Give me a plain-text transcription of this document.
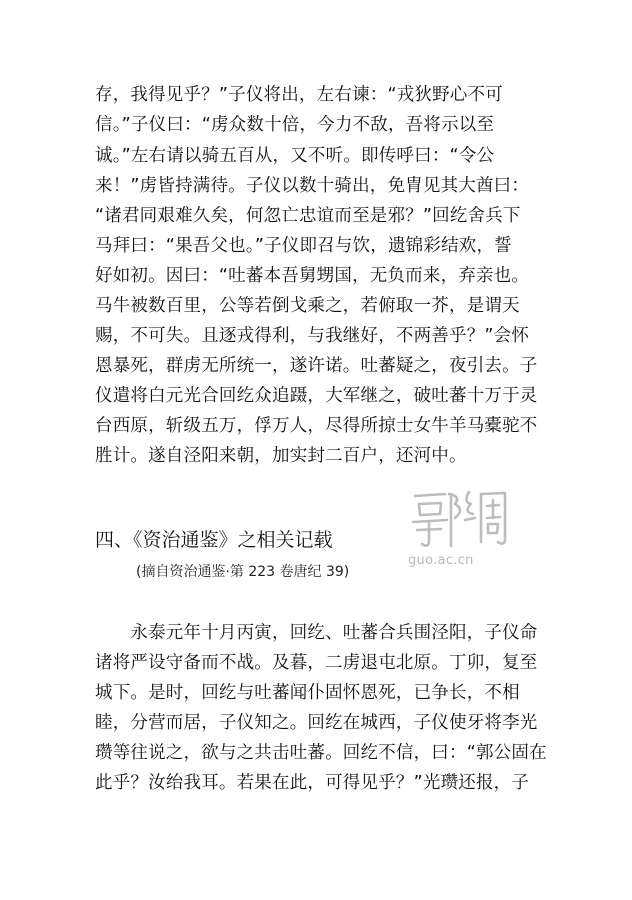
存，我得见乎？”子仪将出，左右谏：“戎狄野心不可
信。”子仪曰：“虏众数十倍，今力不敌，吾将示以至
诚。”左右请以骑五百从，又不听。即传呼曰：“令公
来！”虏皆持满待。子仪以数十骑出，免胄见其大酋曰：
“诸君同艰难久矣，何忽亡忠谊而至是邪？”回纥舍兵下
马拜曰：“果吾父也。”子仪即召与饮，遗锦彩结欢，誓
好如初。因曰：“吐蕃本吾舅甥国，无负而来，弃亲也。
马牛被数百里，公等若倒戈乘之，若俯取一芥，是谓天
赐，不可失。且逐戎得利，与我继好，不两善乎？”会怀
恩暴死，群虏无所统一，遂许诺。吐蕃疑之，夜引去。子
仪遣将白元光合回纥众追蹑，大军继之，破吐蕃十万于灵
台西原，斩级五万，俘万人，尽得所掠士女牛羊马橐驼不
胜计。遂自泾阳来朝，加实封二百户，还河中。
guo.ac.cn
四、《资治通鉴》之相关记载
(摘自资治通鉴·第 223 卷唐纪 39)
　　永泰元年十月丙寅，回纥、吐蕃合兵围泾阳，子仪命
诸将严设守备而不战。及暮，二虏退屯北原。丁卯，复至
城下。是时，回纥与吐蕃闻仆固怀恩死，已争长，不相
睦，分营而居，子仪知之。回纥在城西，子仪使牙将李光
瓒等往说之，欲与之共击吐蕃。回纥不信，曰：“郭公固在
此乎？汝绐我耳。若果在此，可得见乎？”光瓒还报，子
